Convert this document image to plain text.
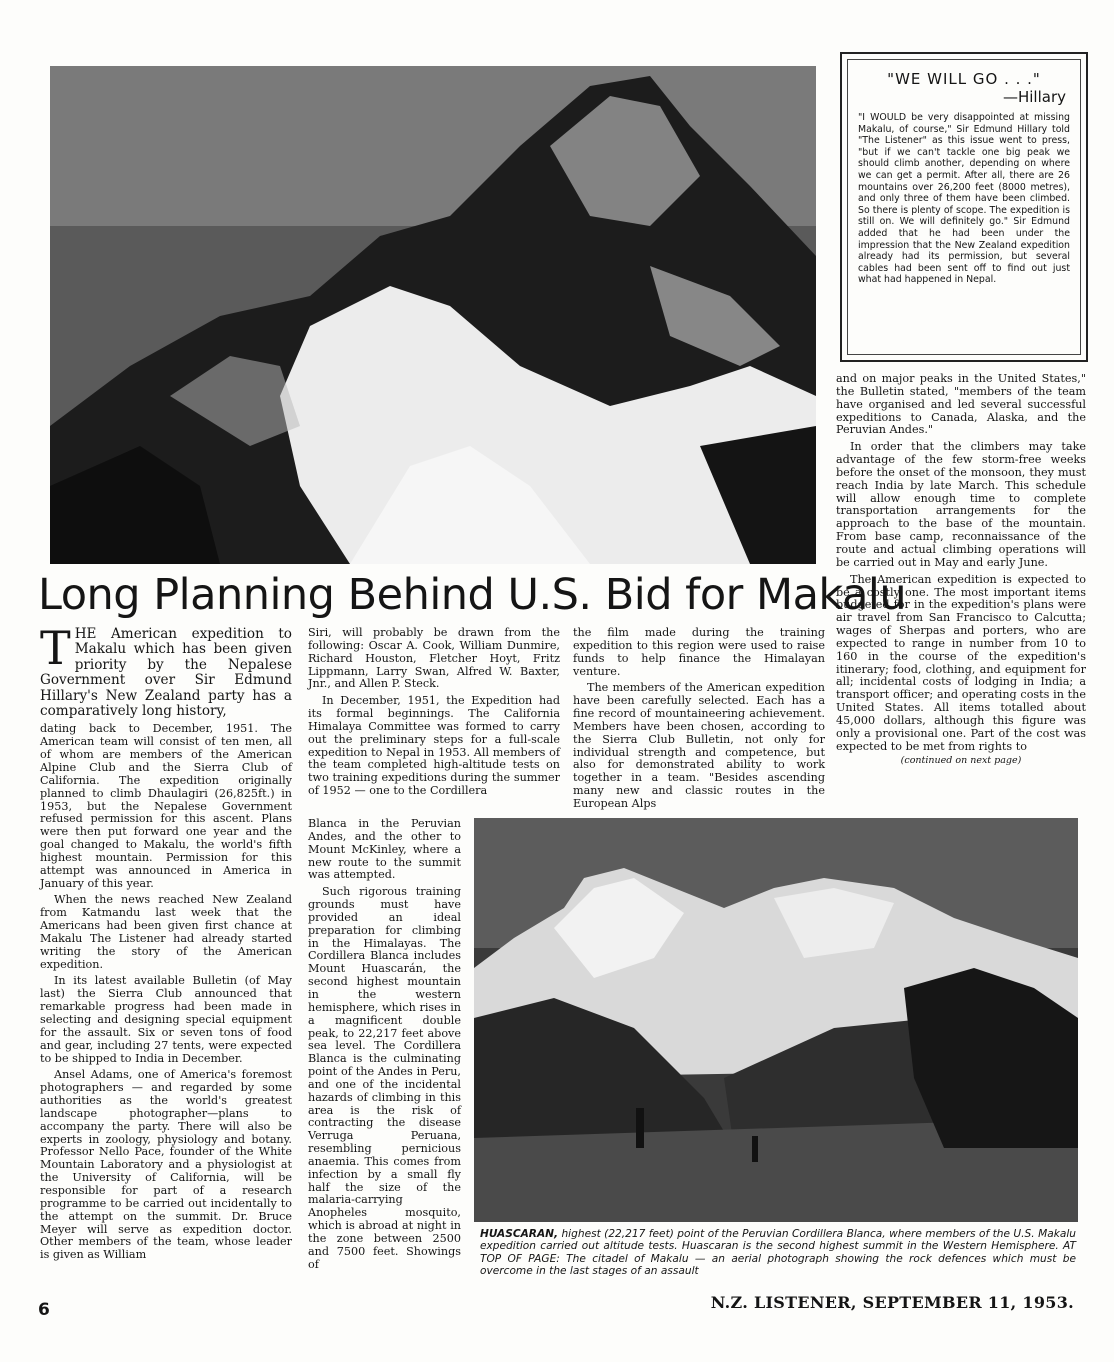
"WE WILL GO . . ."
—Hillary
"I WOULD be very disappointed at missing Makalu, of course," Sir Edmund Hillary told "The Listener" as this issue went to press, "but if we can't tackle one big peak we should climb another, depending on where we can get a permit. After all, there are 26 mountains over 26,200 feet (8000 metres), and only three of them have been climbed. So there is plenty of scope. The expedition is still on. We will definitely go." Sir Edmund added that he had been under the impression that the New Zealand expedition already had its permission, but several cables had been sent off to find out just what had happened in Nepal.
Long Planning Behind U.S. Bid for Makalu

THE American expedition to Makalu which has been given priority by the Nepalese Government over Sir Edmund Hillary's New Zealand party has a comparatively long history,

dating back to December, 1951. The American team will consist of ten men, all of whom are members of the American Alpine Club and the Sierra Club of California. The expedition originally planned to climb Dhaulagiri (26,825ft.) in 1953, but the Nepalese Government refused permission for this ascent. Plans were then put forward one year and the goal changed to Makalu, the world's fifth highest mountain. Permission for this attempt was announced in America in January of this year.

When the news reached New Zealand from Katmandu last week that the Americans had been given first chance at Makalu The Listener had already started writing the story of the American expedition.

In its latest available Bulletin (of May last) the Sierra Club announced that remarkable progress had been made in selecting and designing special equipment for the assault. Six or seven tons of food and gear, including 27 tents, were expected to be shipped to India in December.

Ansel Adams, one of America's foremost photographers — and regarded by some authorities as the world's greatest landscape photographer—plans to accompany the party. There will also be experts in zoology, physiology and botany. Professor Nello Pace, founder of the White Mountain Laboratory and a physiologist at the University of California, will be responsible for part of a research programme to be carried out incidentally to the attempt on the summit. Dr. Bruce Meyer will serve as expedition doctor. Other members of the team, whose leader is given as William

Siri, will probably be drawn from the following: Oscar A. Cook, William Dunmire, Richard Houston, Fletcher Hoyt, Fritz Lippmann, Larry Swan, Alfred W. Baxter, Jnr., and Allen P. Steck.

In December, 1951, the Expedition had its formal beginnings. The California Himalaya Committee was formed to carry out the preliminary steps for a full-scale expedition to Nepal in 1953. All members of the team completed high-altitude tests on two training expeditions during the summer of 1952 — one to the Cordillera

Blanca in the Peruvian Andes, and the other to Mount McKinley, where a new route to the summit was attempted.

Such rigorous training grounds must have provided an ideal preparation for climbing in the Himalayas. The Cordillera Blanca includes Mount Huascarán, the second highest mountain in the western hemisphere, which rises in a magnificent double peak, to 22,217 feet above sea level. The Cordillera Blanca is the culminating point of the Andes in Peru, and one of the incidental hazards of climbing in this area is the risk of contracting the disease Verruga Peruana, resembling pernicious anaemia. This comes from infection by a small fly half the size of the malaria-carrying Anopheles mosquito, which is abroad at night in the zone between 2500 and 7500 feet. Showings of

the film made during the training expedition to this region were used to raise funds to help finance the Himalayan venture.

The members of the American expedition have been carefully selected. Each has a fine record of mountaineering achievement. Members have been chosen, according to the Sierra Club Bulletin, not only for individual strength and competence, but also for demonstrated ability to work together in a team. "Besides ascending many new and classic routes in the European Alps

and on major peaks in the United States," the Bulletin stated, "members of the team have organised and led several successful expeditions to Canada, Alaska, and the Peruvian Andes."

In order that the climbers may take advantage of the few storm-free weeks before the onset of the monsoon, they must reach India by late March. This schedule will allow enough time to complete transportation arrangements for the approach to the base of the mountain. From base camp, reconnaissance of the route and actual climbing operations will be carried out in May and early June.

The American expedition is expected to be a costly one. The most important items budgeted for in the expedition's plans were air travel from San Francisco to Calcutta; wages of Sherpas and porters, who are expected to range in number from 10 to 160 in the course of the expedition's itinerary; food, clothing, and equipment for all; incidental costs of lodging in India; a transport officer; and operating costs in the United States. All items totalled about 45,000 dollars, although this figure was only a provisional one. Part of the cost was expected to be met from rights to

(continued on next page)
HUASCARAN, highest (22,217 feet) point of the Peruvian Cordillera Blanca, where members of the U.S. Makalu expedition carried out altitude tests. Huascaran is the second highest summit in the Western Hemisphere. AT TOP OF PAGE: The citadel of Makalu — an aerial photograph showing the rock defences which must be overcome in the last stages of an assault
6	N.Z. LISTENER, SEPTEMBER 11, 1953.
